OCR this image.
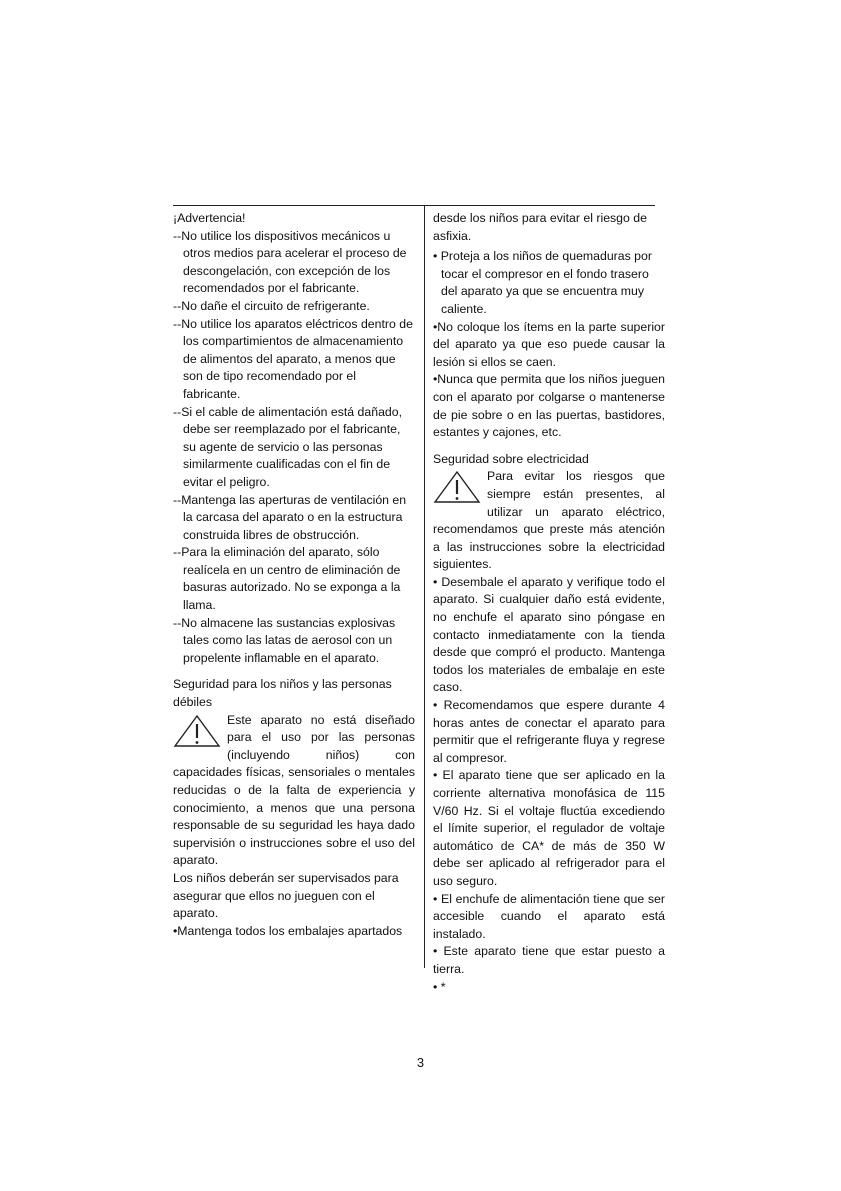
¡Advertencia!

--No utilice los dispositivos mecánicos u otros medios para acelerar el proceso de descongelación, con excepción de los recomendados por el fabricante.

--No dañe el circuito de refrigerante.

--No utilice los aparatos eléctricos dentro de los compartimientos de almacenamiento de alimentos del aparato, a menos que son de tipo recomendado por el fabricante.

--Si el cable de alimentación está dañado, debe ser reemplazado por el fabricante, su agente de servicio o las personas similarmente cualificadas con el fin de evitar el peligro.

--Mantenga las aperturas de ventilación en la carcasa del aparato o en la estructura construida libres de obstrucción.

--Para la eliminación del aparato, sólo realícela en un centro de eliminación de basuras autorizado. No se exponga a la llama.

--No almacene las sustancias explosivas tales como las latas de aerosol con un propelente inflamable en el aparato.

Seguridad para los niños y las personas débiles

Este aparato no está diseñado para el uso por las personas (incluyendo niños) con capacidades físicas, sensoriales o mentales reducidas o de la falta de experiencia y conocimiento, a menos que una persona responsable de su seguridad les haya dado supervisión o instrucciones sobre el uso del aparato.

Los niños deberán ser supervisados para asegurar que ellos no jueguen con el aparato.

•Mantenga todos los embalajes apartados

desde los niños para evitar el riesgo de asfixia.

• Proteja a los niños de quemaduras por tocar el compresor en el fondo trasero del aparato ya que se encuentra muy caliente.

•No coloque los ítems en la parte superior del aparato ya que eso puede causar la lesión si ellos se caen.

•Nunca que permita que los niños jueguen con el aparato por colgarse o mantenerse de pie sobre o en las puertas, bastidores, estantes y cajones, etc.

Seguridad sobre electricidad

Para evitar los riesgos que siempre están presentes, al utilizar un aparato eléctrico, recomendamos que preste más atención a las instrucciones sobre la electricidad siguientes.

• Desembale el aparato y verifique todo el aparato. Si cualquier daño está evidente, no enchufe el aparato sino póngase en contacto inmediatamente con la tienda desde que compró el producto. Mantenga todos los materiales de embalaje en este caso.

• Recomendamos que espere durante 4 horas antes de conectar el aparato para permitir que el refrigerante fluya y regrese al compresor.

• El aparato tiene que ser aplicado en la corriente alternativa monofásica de 115 V/60 Hz. Si el voltaje fluctúa excediendo el límite superior, el regulador de voltaje automático de CA* de más de 350 W debe ser aplicado al refrigerador para el uso seguro.

• El enchufe de alimentación tiene que ser accesible cuando el aparato está instalado.

• Este aparato tiene que estar puesto a tierra.

• *

3
